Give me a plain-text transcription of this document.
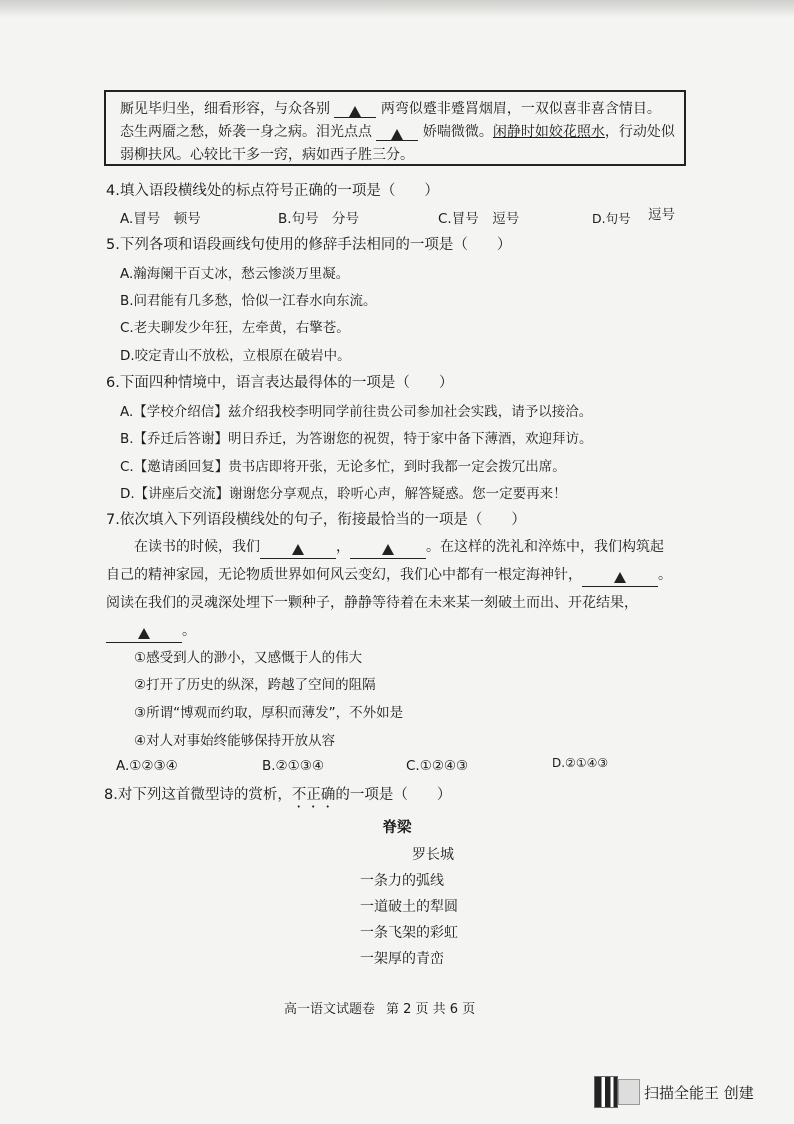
厮见毕归坐，细看形容，与众各别	两弯似蹙非蹙罥烟眉，一双似喜非喜含情目。

态生两靥之愁，娇袭一身之病。泪光点点	娇喘微微。闲静时如姣花照水，行动处似

弱柳扶风。心较比干多一窍，病如西子胜三分。

4.填入语段横线处的标点符号正确的一项是（　　）
A.冒号　顿号	B.句号　分号	C.冒号　逗号	D.句号 逗号
5.下列各项和语段画线句使用的修辞手法相同的一项是（　　）
A.瀚海阑干百丈冰，愁云惨淡万里凝。
B.问君能有几多愁，恰似一江春水向东流。
C.老夫聊发少年狂，左牵黄，右擎苍。
D.咬定青山不放松，立根原在破岩中。
6.下面四种情境中，语言表达最得体的一项是（　　）
A.【学校介绍信】兹介绍我校李明同学前往贵公司参加社会实践，请予以接洽。
B.【乔迁后答谢】明日乔迁，为答谢您的祝贺，特于家中备下薄酒，欢迎拜访。
C.【邀请函回复】贵书店即将开张，无论多忙，到时我都一定会拨冗出席。
D.【讲座后交流】谢谢您分享观点，聆听心声，解答疑惑。您一定要再来！
7.依次填入下列语段横线处的句子，衔接最恰当的一项是（　　）
在读书的时候，我们	，	。在这样的洗礼和淬炼中，我们构筑起
自己的精神家园，无论物质世界如何风云变幻，我们心中都有一根定海神针，	。
阅读在我们的灵魂深处埋下一颗种子，静静等待着在未来某一刻破土而出、开花结果，
。
①感受到人的渺小，又感慨于人的伟大
②打开了历史的纵深，跨越了空间的阻隔
③所谓“博观而约取，厚积而薄发”，不外如是
④对人对事始终能够保持开放从容
A.①②③④	B.②①③④	C.①②④③	D.②①④③
8.对下列这首微型诗的赏析，不正确的一项是（　　）
脊梁
罗长城
一条力的弧线
一道破土的犁圆
一条飞架的彩虹
一架厚的青峦
高一语文试题卷 第 2 页 共 6 页
扫描全能王 创建
